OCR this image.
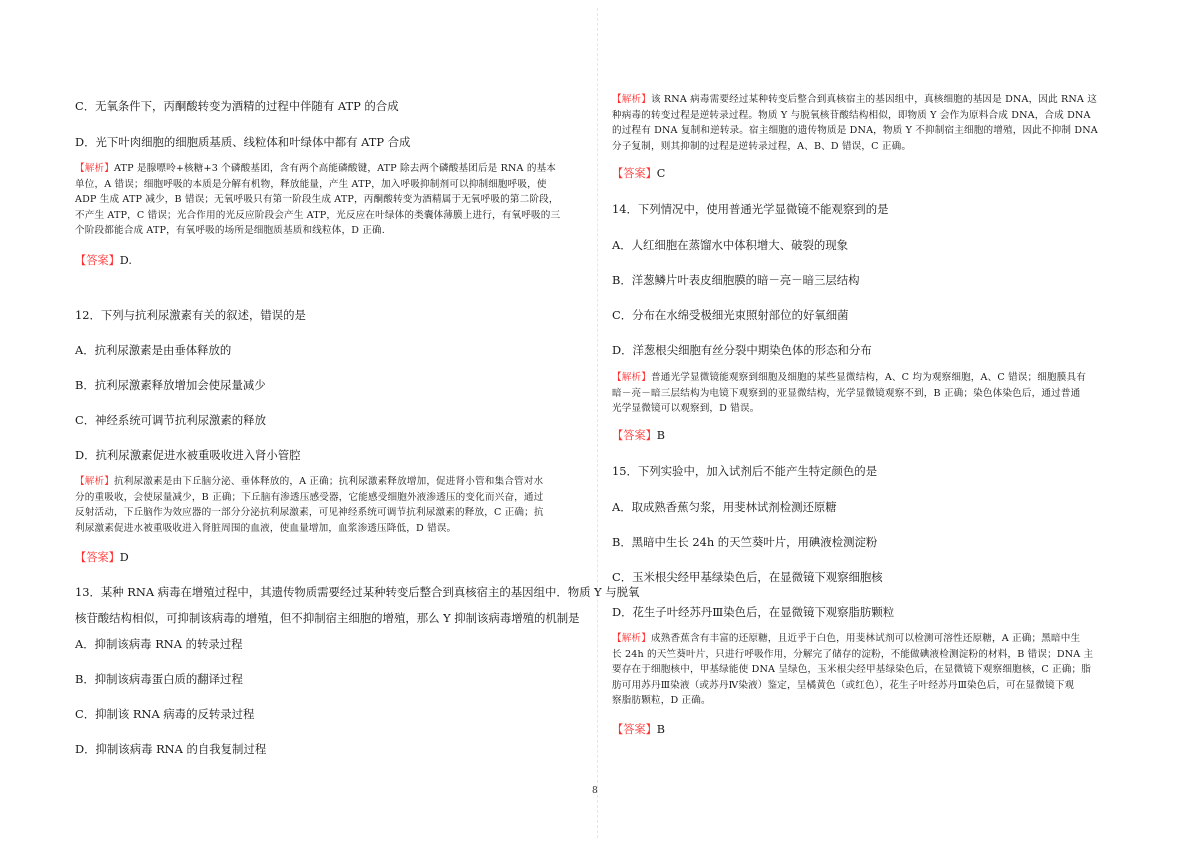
C．无氧条件下，丙酮酸转变为酒精的过程中伴随有 ATP 的合成

D．光下叶肉细胞的细胞质基质、线粒体和叶绿体中都有 ATP 合成

【解析】ATP 是腺嘌呤+核糖+3 个磷酸基团，含有两个高能磷酸键，ATP 除去两个磷酸基团后是 RNA 的基本
单位，A 错误；细胞呼吸的本质是分解有机物，释放能量，产生 ATP，加入呼吸抑制剂可以抑制细胞呼吸，使
ADP 生成 ATP 减少，B 错误；无氧呼吸只有第一阶段生成 ATP，丙酮酸转变为酒精属于无氧呼吸的第二阶段，
不产生 ATP，C 错误；光合作用的光反应阶段会产生 ATP，光反应在叶绿体的类囊体薄膜上进行，有氧呼吸的三
个阶段都能合成 ATP，有氧呼吸的场所是细胞质基质和线粒体，D 正确.
【答案】D.

12．下列与抗利尿激素有关的叙述，错误的是

A．抗利尿激素是由垂体释放的

B．抗利尿激素释放增加会使尿量减少

C．神经系统可调节抗利尿激素的释放

D．抗利尿激素促进水被重吸收进入肾小管腔

【解析】抗利尿激素是由下丘脑分泌、垂体释放的，A 正确；抗利尿激素释放增加，促进肾小管和集合管对水
分的重吸收，会使尿量减少，B 正确；下丘脑有渗透压感受器，它能感受细胞外液渗透压的变化而兴奋，通过
反射活动，下丘脑作为效应器的一部分分泌抗利尿激素，可见神经系统可调节抗利尿激素的释放，C 正确；抗
利尿激素促进水被重吸收进入肾脏周围的血液，使血量增加，血浆渗透压降低，D 错误。
【答案】D

13．某种 RNA 病毒在增殖过程中，其遗传物质需要经过某种转变后整合到真核宿主的基因组中．物质 Y 与脱氧

核苷酸结构相似，可抑制该病毒的增殖，但不抑制宿主细胞的增殖，那么 Y 抑制该病毒增殖的机制是

A．抑制该病毒 RNA 的转录过程

B．抑制该病毒蛋白质的翻译过程

C．抑制该 RNA 病毒的反转录过程

D．抑制该病毒 RNA 的自我复制过程

【解析】该 RNA 病毒需要经过某种转变后整合到真核宿主的基因组中，真核细胞的基因是 DNA，因此 RNA 这
种病毒的转变过程是逆转录过程。物质 Y 与脱氧核苷酸结构相似，即物质 Y 会作为原料合成 DNA，合成 DNA
的过程有 DNA 复制和逆转录。宿主细胞的遗传物质是 DNA，物质 Y 不抑制宿主细胞的增殖，因此不抑制 DNA
分子复制，则其抑制的过程是逆转录过程，A、B、D 错误，C 正确。
【答案】C

14．下列情况中，使用普通光学显微镜不能观察到的是

A．人红细胞在蒸馏水中体积增大、破裂的现象

B．洋葱鳞片叶表皮细胞膜的暗－亮－暗三层结构

C．分布在水绵受极细光束照射部位的好氧细菌

D．洋葱根尖细胞有丝分裂中期染色体的形态和分布

【解析】普通光学显微镜能观察到细胞及细胞的某些显微结构，A、C 均为观察细胞，A、C 错误；细胞膜具有
暗－亮－暗三层结构为电镜下观察到的亚显微结构，光学显微镜观察不到，B 正确；染色体染色后，通过普通
光学显微镜可以观察到，D 错误。
【答案】B

15．下列实验中，加入试剂后不能产生特定颜色的是

A．取成熟香蕉匀浆，用斐林试剂检测还原糖

B．黑暗中生长 24h 的天竺葵叶片，用碘液检测淀粉

C．玉米根尖经甲基绿染色后，在显微镜下观察细胞核

D．花生子叶经苏丹Ⅲ染色后，在显微镜下观察脂肪颗粒

【解析】成熟香蕉含有丰富的还原糖，且近乎于白色，用斐林试剂可以检测可溶性还原糖，A 正确；黑暗中生
长 24h 的天竺葵叶片，只进行呼吸作用，分解完了储存的淀粉，不能做碘液检测淀粉的材料，B 错误；DNA 主
要存在于细胞核中，甲基绿能使 DNA 呈绿色，玉米根尖经甲基绿染色后，在显微镜下观察细胞核，C 正确；脂
肪可用苏丹Ⅲ染液（或苏丹Ⅳ染液）鉴定，呈橘黄色（或红色），花生子叶经苏丹Ⅲ染色后，可在显微镜下观
察脂肪颗粒，D 正确。
【答案】B
8
